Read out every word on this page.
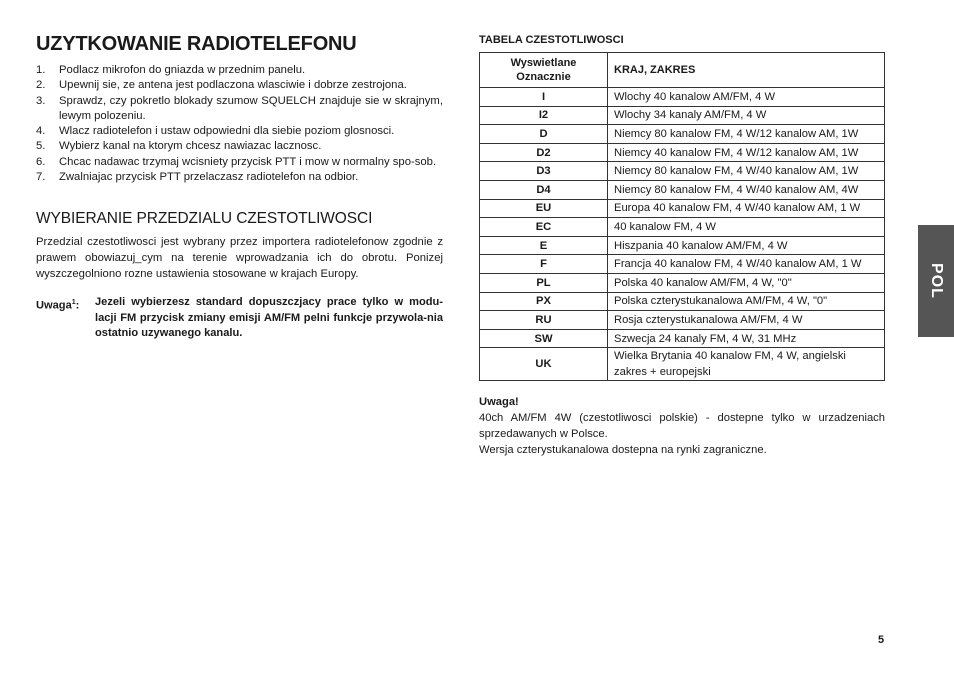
UZYTKOWANIE RADIOTELEFONU
1.	Podlacz mikrofon do gniazda w przednim panelu.
2.	Upewnij sie, ze antena jest podlaczona wlasciwie i dobrze zestrojona.
3.	Sprawdz, czy pokretlo blokady szumow SQUELCH znajduje sie w skrajnym, lewym polozeniu.
4.	Wlacz radiotelefon i ustaw odpowiedni dla siebie poziom glosnosci.
5.	Wybierz kanal na ktorym chcesz nawiazac lacznosc.
6.	Chcac nadawac trzymaj wcisniety przycisk PTT i mow w normalny spo-sob.
7.	Zwalniajac przycisk PTT przelaczasz radiotelefon na odbior.
WYBIERANIE PRZEDZIALU CZESTOTLIWOSCI

Przedzial czestotliwosci jest wybrany przez importera radiotelefonow zgodnie z prawem obowiazuj_cym na terenie wprowadzania ich do obrotu. Ponizej wyszczegolniono rozne ustawienia stosowane w krajach Europy.

Uwaga$^1$:	Jezeli wybierzesz standard dopuszczjacy prace tylko w modu-lacji FM przycisk zmiany emisji AM/FM pelni funkcje przywola-nia ostatnio uzywanego kanalu.
TABELA CZESTOTLIWOSCI
Wyswietlane Oznacznie	KRAJ, ZAKRES
I	Wlochy 40 kanalow AM/FM, 4 W
I2	Wlochy 34 kanaly AM/FM, 4 W
D	Niemcy 80 kanalow FM, 4 W/12 kanalow AM, 1W
D2	Niemcy 40 kanalow FM, 4 W/12 kanalow AM, 1W
D3	Niemcy 80 kanalow FM, 4 W/40 kanalow AM, 1W
D4	Niemcy 80 kanalow FM, 4 W/40 kanalow AM, 4W
EU	Europa 40 kanalow FM, 4 W/40 kanalow AM, 1 W
EC	40 kanalow FM, 4 W
E	Hiszpania 40 kanalow AM/FM, 4 W
F	Francja 40 kanalow FM, 4 W/40 kanalow AM, 1 W
PL	Polska 40 kanalow AM/FM, 4 W, "0"
PX	Polska czterystukanalowa AM/FM, 4 W, "0"
RU	Rosja czterystukanalowa AM/FM, 4 W
SW	Szwecja 24 kanaly FM, 4 W, 31 MHz
UK	Wielka Brytania 40 kanalow FM, 4 W, angielski zakres + europejski
Uwaga!
40ch AM/FM 4W (czestotliwosci polskie) - dostepne tylko w urzadzeniach sprzedawanych w Polsce.
Wersja czterystukanalowa dostepna na rynki zagraniczne.
POL
5
